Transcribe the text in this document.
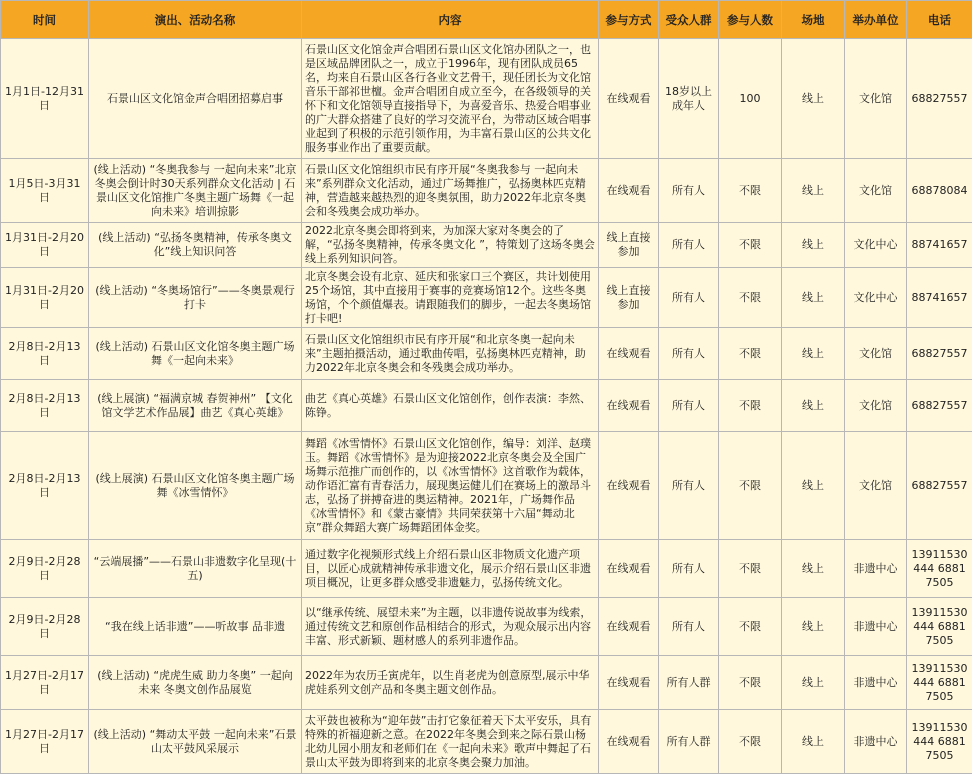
时间	演出、活动名称	内容	参与方式	受众人群	参与人数	场地	举办单位	电话
1月1日-12月31日	石景山区文化馆金声合唱团招募启事	石景山区文化馆金声合唱团石景山区文化馆办团队之一，也是区域品牌团队之一，成立于1996年，现有团队成员65名，均来自石景山区各行各业文艺骨干，现任团长为文化馆音乐干部祁世檀。金声合唱团自成立至今，在各级领导的关怀下和文化馆领导直接指导下，为喜爱音乐、热爱合唱事业的广大群众搭建了良好的学习交流平台，为带动区域合唱事业起到了积极的示范引领作用，为丰富石景山区的公共文化服务事业作出了重要贡献。	在线观看	18岁以上成年人	100	线上	文化馆	68827557
1月5日-3月31日	(线上活动) “冬奥我参与 一起向未来”北京冬奥会倒计时30天系列群众文化活动 | 石景山区文化馆推广冬奥主题广场舞《一起向未来》培训掠影	石景山区文化馆组织市民有序开展“冬奥我参与 一起向未来”系列群众文化活动，通过广场舞推广，弘扬奥林匹克精神，营造越来越热烈的迎冬奥氛围，助力2022年北京冬奥会和冬残奥会成功举办。	在线观看	所有人	不限	线上	文化馆	68878084
1月31日-2月20日	(线上活动) “弘扬冬奥精神，传承冬奥文化”线上知识问答	2022北京冬奥会即将到来，为加深大家对冬奥会的了解，“弘扬冬奥精神，传承冬奥文化 ”，特策划了这场冬奥会线上系列知识问答。	线上直接参加	所有人	不限	线上	文化中心	88741657
1月31日-2月20日	(线上活动) “冬奥场馆行”——冬奥景观行打卡	北京冬奥会设有北京、延庆和张家口三个赛区，共计划使用25个场馆，其中直接用于赛事的竞赛场馆12个。这些冬奥场馆，个个颜值爆表。请跟随我们的脚步，一起去冬奥场馆打卡吧!	线上直接参加	所有人	不限	线上	文化中心	88741657
2月8日-2月13日	(线上活动) 石景山区文化馆冬奥主题广场舞《一起向未来》	石景山区文化馆组织市民有序开展“和北京冬奥一起向未来”主题拍摄活动，通过歌曲传唱，弘扬奥林匹克精神，助力2022年北京冬奥会和冬残奥会成功举办。	在线观看	所有人	不限	线上	文化馆	68827557
2月8日-2月13日	(线上展演) “福满京城 春贺神州” 【文化馆文学艺术作品展】曲艺《真心英雄》	曲艺《真心英雄》石景山区文化馆创作，创作表演：李然、陈铮。	在线观看	所有人	不限	线上	文化馆	68827557
2月8日-2月13日	(线上展演) 石景山区文化馆冬奥主题广场舞《冰雪情怀》	舞蹈《冰雪情怀》石景山区文化馆创作，编导：刘洋、赵璞玉。舞蹈《冰雪情怀》是为迎接2022北京冬奥会及全国广场舞示范推广而创作的，以《冰雪情怀》这首歌作为载体，动作语汇富有青春活力，展现奥运健儿们在赛场上的激昂斗志，弘扬了拼搏奋进的奥运精神。2021年，广场舞作品《冰雪情怀》和《蒙古豪情》共同荣获第十六届“舞动北京”群众舞蹈大赛广场舞蹈团体金奖。	在线观看	所有人	不限	线上	文化馆	68827557
2月9日-2月28日	“云端展播”——石景山非遗数字化呈现(十五)	通过数字化视频形式线上介绍石景山区非物质文化遗产项目，以匠心成就精神传承非遗文化，展示介绍石景山区非遗项目概况，让更多群众感受非遗魅力，弘扬传统文化。	在线观看	所有人	不限	线上	非遗中心	13911530444 68817505
2月9日-2月28日	“我在线上话非遗”——听故事 品非遗	以“继承传统、展望未来”为主题，以非遗传说故事为线索，通过传统文艺和原创作品相结合的形式，为观众展示出内容丰富、形式新颖、题材感人的系列非遗作品。	在线观看	所有人	不限	线上	非遗中心	13911530444 68817505
1月27日-2月17日	(线上活动) “虎虎生威 助力冬奥” 一起向未来 冬奥文创作品展览	2022年为农历壬寅虎年，以生肖老虎为创意原型,展示中华虎娃系列文创产品和冬奥主题文创作品。	在线观看	所有人群	不限	线上	非遗中心	13911530444 68817505
1月27日-2月17日	(线上活动) “舞动太平鼓 一起向未来”石景山太平鼓风采展示	太平鼓也被称为“迎年鼓”击打它象征着天下太平安乐，具有特殊的祈福迎新之意。在2022年冬奥会到来之际石景山杨北幼儿园小朋友和老师们在《一起向未来》歌声中舞起了石景山太平鼓为即将到来的北京冬奥会聚力加油。	在线观看	所有人群	不限	线上	非遗中心	13911530444 68817505
